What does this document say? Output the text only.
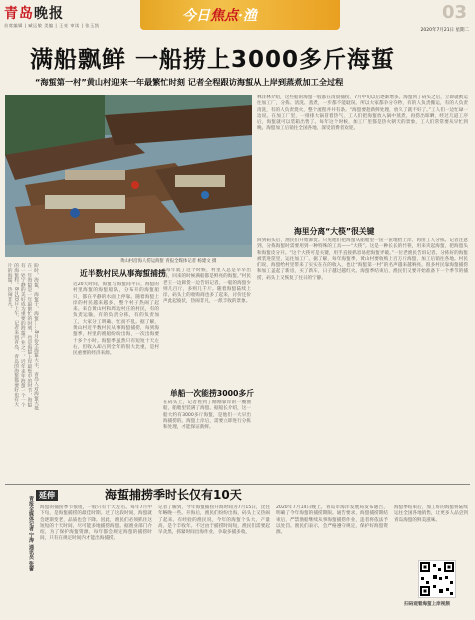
青岛晚报
首席编辑 | 臧运敏 美编 | 王亮 审读 | 张玉凯
今日焦点·渔	03
2020年7月21日 星期二
满船飘鲜 一船捞上3000多斤海蜇
“海蜇第一村”黄山村迎来一年最繁忙时刻 记者全程跟访海蜇从上岸到蒸煮加工全过程
黄山村沿海人捞运海蜇 青报全媒体记者 杨建文 摄
盼时，海蜇，海蜇于，海蜇……8月份全海蜇大丰，青岛人对海蜇大抵在一年海蜇是一年最繁忙的时刻，也是海蜇上岸最集中的时节，海蜇有一处宁静的美好成为重要的海蜇产业之一，近年来年海蜇一个一个的海蜇村。8月20日上午，记者来到青岛，青岛的海蜇都要好也有大片的海蜇，热闹非凡。	近半数村民从事海蜇捕捞
近20天时间，海蜇与海蜇间平日，海蜇的村里海蜇的海蜇船队，分布开的海蜇船只，都在平静的水面上停靠。随着海蜇上岸的村民越来越多，整个村子热闹了起来。来自黄山村和周边村庄的村民，有的负责运输，有的负责分拣，有的负责加工，大家分工明确、忙而不乱。据了解，黄山村近半数村民从事海蜇捕捞，每到海蜇季，村里的渔船纷纷出海，一次出海要十多个小时。海蜇季虽然只有短短十天左右，但收入却占到全年的很大比重，是村民重要的经济来源。
“每年就了这个时候，村里人总是早早出海，回来的时候满船都是鲜亮的海蜇。”村民老王一边卸货一边告诉记者。一船的海蜇少则几百斤，多则几千斤。随着海蜇陆续上岸，码头上的收购商也多了起来，讨价还价声此起彼伏，热闹非凡，一派丰收的景象。
单船一次能捞3000多斤
在码头上，记者看到了刚刚靠岸的一艘渔船，船舱里装满了海蜇。据船长介绍，这一船大约有3000多斤海蜇，是他们一大早出海捕捞的。海蜇上岸后，需要立即进行分拣和处理，才能保证新鲜。
林洋林介绍，这些船的海蜇一般都在清晨捕捞，7月中旬以后逐渐增多。海蜇到了码头之后，立即就被运往加工厂，分拣、清洗、蒸煮，一步都不能耽误。所以大家都争分夺秒，有的人负责搬运，有的人负责清洗，有的人负责烧火，整个流程井井有条。“海蜇要趁新鲜处理，放久了就不好了。”工人们一边忙碌一边说。在加工厂里，一排排大锅冒着热气，工人们把海蜇放入锅中蒸煮，再捞出晾晒，经过几道工序后，海蜇就可以装箱出售了。每年这个时候，加工厂里都是热火朝天的景象，工人们常常要从早忙到晚。海蜇加工后销往全国各地，深受消费者欢迎。
海里分离“大筷”很关键
回到码头后，渔民们开始卸货。只见他们把海蜇从船舱里一筐一筐地抬上岸，再由工人分拣。记者注意到，分拣海蜇时需要用到一种特殊的工具——“大筷”。这是一种长长的竹筷，用来夹起海蜇，把海蜇头和海蜇皮分开。“这个大筷可是关键，用手直接抓容易把海蜇弄破。”一位老渔民告诉记者。分拣好的海蜇被装进筐里，运往加工厂。据了解，每年海蜇季，黄山村要收购上百万斤海蜇，加工后销往各地。村民们说，海蜇给村里带来了实实在在的收入，也让“海蜇第一村”的名声越来越响亮。很多村民靠海蜇捕捞和加工盖起了新房，买了新车，日子越过越红火。海蜇季结束后，渔民们又要开始准备下一个季节的捕捞，码头上又恢复了往日的宁静。
延伸	海蜇捕捞季时长仅有10天
青报全媒体记者 宁涛 通讯员 张蕾 海蜇的捕捞季节很短，一般只有十天左右。每年7月中下旬，是海蜇捕捞的最佳时期。过了这段时间，海蜇就会逐渐变老，品质也会下降。因此，渔民们必须抓住这短短的十天时间，尽可能多地捕捞海蜇。据渔业部门介绍，为了保护海蜇资源，每年都会规定海蜇的捕捞时间，只有在规定时间内才能出海捕捞。
记者了解到，今年海蜇捕捞开海时间为7月15日，比往年略晚一些。开海后，渔民们纷纷出海，码头上又热闹了起来。有经验的渔民说，今年的海蜇个头大、产量高，是个丰收年。不过由于捕捞时间短，渔民们需要起早贪黑，抓紧时间出海作业，争取多捕多收。
2020年7月14日晚上，青岛市海洋发展局发布通告，明确了今年海蜇的捕捞期限。通告要求，海蜇捕捞期结束后，严禁渔船继续从事海蜇捕捞作业，违者将依法予以处罚。渔民们表示，会严格遵守规定，保护好海蜇资源。
海蜇季结束后，加工好的海蜇将陆续运往全国各地销售，让更多人品尝到青岛海蜇的鲜美滋味。
扫码观看海蜇上岸视频
